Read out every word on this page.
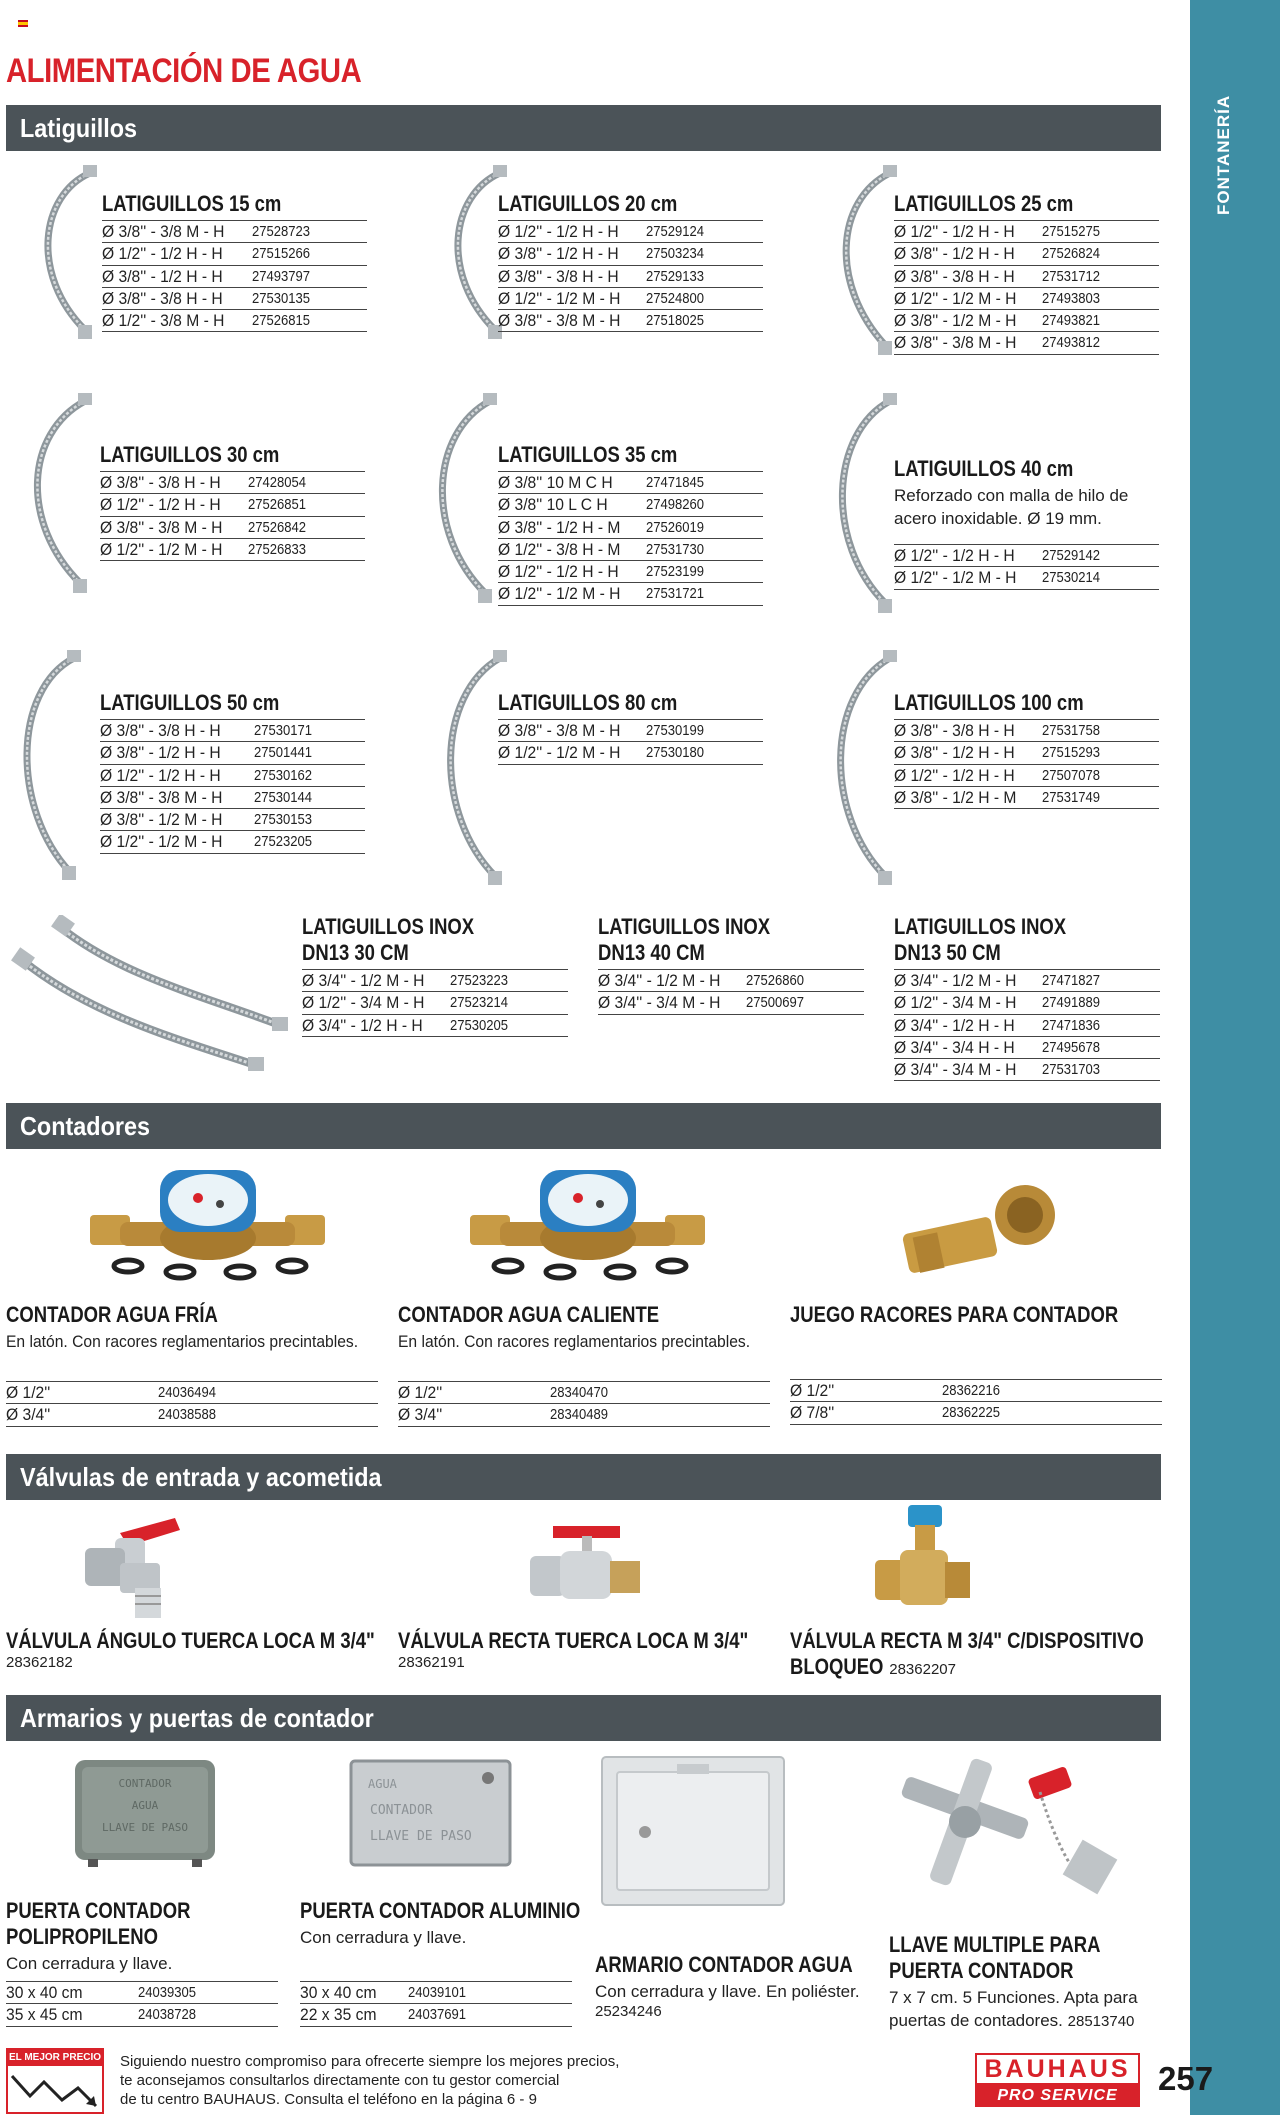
FONTANERÍA
ALIMENTACIÓN DE AGUA
Latiguillos
Contadores
Válvulas de entrada y acometida
Armarios y puertas de contador
LATIGUILLOS 15 cm
Ø 3/8'' - 3/8 M - H 27528723
Ø 1/2'' - 1/2 H - H 27515266
Ø 3/8'' - 1/2 H - H 27493797
Ø 3/8'' - 3/8 H - H 27530135
Ø 1/2'' - 3/8 M - H 27526815
LATIGUILLOS 20 cm
Ø 1/2'' - 1/2 H - H 27529124
Ø 3/8'' - 1/2 H - H 27503234
Ø 3/8'' - 3/8 H - H 27529133
Ø 1/2'' - 1/2 M - H 27524800
Ø 3/8'' - 3/8 M - H 27518025
LATIGUILLOS 25 cm
Ø 1/2'' - 1/2 H - H 27515275
Ø 3/8'' - 1/2 H - H 27526824
Ø 3/8'' - 3/8 H - H 27531712
Ø 1/2'' - 1/2 M - H 27493803
Ø 3/8'' - 1/2 M - H 27493821
Ø 3/8'' - 3/8 M - H 27493812
LATIGUILLOS 30 cm
Ø 3/8'' - 3/8 H - H 27428054
Ø 1/2'' - 1/2 H - H 27526851
Ø 3/8'' - 3/8 M - H 27526842
Ø 1/2'' - 1/2 M - H 27526833
LATIGUILLOS 35 cm
Ø 3/8'' 10 M C H 27471845
Ø 3/8'' 10 L C H	27498260
Ø 3/8'' - 1/2 H - M 27526019
Ø 1/2'' - 3/8 H - M 27531730
Ø 1/2'' - 1/2 H - H 27523199
Ø 1/2'' - 1/2 M - H 27531721
LATIGUILLOS 40 cm
Reforzado con malla de hilo de acero inoxidable. Ø 19 mm.
Ø 1/2'' - 1/2 H - H 27529142
Ø 1/2'' - 1/2 M - H 27530214
LATIGUILLOS 50 cm
Ø 3/8'' - 3/8 H - H 27530171
Ø 3/8'' - 1/2 H - H 27501441
Ø 1/2'' - 1/2 H - H 27530162
Ø 3/8'' - 3/8 M - H 27530144
Ø 3/8'' - 1/2 M - H 27530153
Ø 1/2'' - 1/2 M - H 27523205
LATIGUILLOS 80 cm
Ø 3/8'' - 3/8 M - H 27530199
Ø 1/2'' - 1/2 M - H 27530180
LATIGUILLOS 100 cm
Ø 3/8'' - 3/8 H - H 27531758
Ø 3/8'' - 1/2 H - H 27515293
Ø 1/2'' - 1/2 H - H 27507078
Ø 3/8'' - 1/2 H - M 27531749
LATIGUILLOS INOX
DN13 30 CM
Ø 3/4'' - 1/2 M - H 27523223
Ø 1/2'' - 3/4 M - H 27523214
Ø 3/4'' - 1/2 H - H 27530205
LATIGUILLOS INOX
DN13 40 CM
Ø 3/4'' - 1/2 M - H 27526860
Ø 3/4'' - 3/4 M - H 27500697
LATIGUILLOS INOX
DN13 50 CM
Ø 3/4'' - 1/2 M - H 27471827
Ø 1/2'' - 3/4 M - H 27491889
Ø 3/4'' - 1/2 H - H 27471836
Ø 3/4'' - 3/4 H - H 27495678
Ø 3/4'' - 3/4 M - H 27531703
CONTADOR AGUA FRÍA
En latón. Con racores reglamentarios precintables.
Ø 1/2''	24036494
Ø 3/4''	24038588
CONTADOR AGUA CALIENTE
En latón. Con racores reglamentarios precintables.
Ø 1/2''	28340470
Ø 3/4''	28340489
JUEGO RACORES PARA CONTADOR
Ø 1/2''	28362216
Ø 7/8''	28362225
VÁLVULA ÁNGULO TUERCA LOCA M 3/4"
28362182
VÁLVULA RECTA TUERCA LOCA M 3/4"
28362191
VÁLVULA RECTA M 3/4" C/DISPOSITIVO
BLOQUEO 28362207
CONTADOR
AGUA
LLAVE DE PASO
AGUA
CONTADOR
LLAVE DE PASO
PUERTA CONTADOR
POLIPROPILENO
Con cerradura y llave.
30 x 40 cm	24039305
35 x 45 cm	24038728
PUERTA CONTADOR ALUMINIO
Con cerradura y llave.
30 x 40 cm 24039101
22 x 35 cm 24037691
ARMARIO CONTADOR AGUA
Con cerradura y llave. En poliéster.
25234246
LLAVE MULTIPLE PARA
PUERTA CONTADOR
7 x 7 cm. 5 Funciones. Apta para
puertas de contadores. 28513740
EL MEJOR PRECIO Siguiendo nuestro compromiso para ofrecerte siempre los mejores precios,
te aconsejamos consultarlos directamente con tu gestor comercial
de tu centro BAUHAUS. Consulta el teléfono en la página 6 - 9
BAUHAUS
PRO SERVICE	257
